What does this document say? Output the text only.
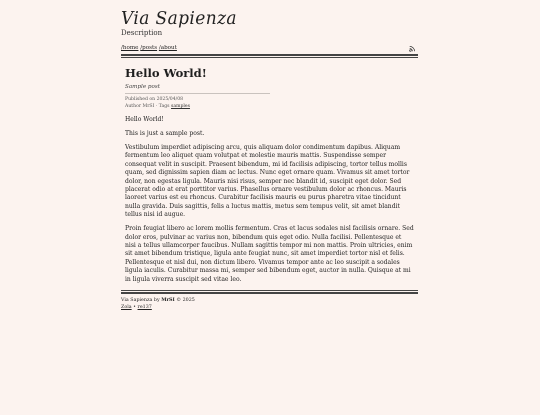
Via Sapienza
Description
/home /posts /about
Hello World!
Sample post
Published on 2025/04/08
Author MrSI · Tags samples

Hello World!

This is just a sample post.

Vestibulum imperdiet adipiscing arcu, quis aliquam dolor condimentum dapibus. Aliquam fermentum leo aliquet quam volutpat et molestie mauris mattis. Suspendisse semper consequat velit in suscipit. Praesent bibendum, mi id facilisis adipiscing, tortor tellus mollis quam, sed dignissim sapien diam ac lectus. Nunc eget ornare quam. Vivamus sit amet tortor dolor, non egestas ligula. Mauris nisi risus, semper nec blandit id, suscipit eget dolor. Sed placerat odio at erat porttitor varius. Phasellus ornare vestibulum dolor ac rhoncus. Mauris laoreet varius est eu rhoncus. Curabitur facilisis mauris eu purus pharetra vitae tincidunt nulla gravida. Duis sagittis, felis a luctus mattis, metus sem tempus velit, sit amet blandit tellus nisi id augue.

Proin feugiat libero ac lorem mollis fermentum. Cras et lacus sodales nisl facilisis ornare. Sed dolor eros, pulvinar ac varius non, bibendum quis eget odio. Nulla facilisi. Pellentesque et nisi a tellus ullamcorper faucibus. Nullam sagittis tempor mi non mattis. Proin ultricies, enim sit amet bibendum tristique, ligula ante feugiat nunc, sit amet imperdiet tortor nisl et felis. Pellentesque et nisl dui, non dictum libero. Vivamus tempor ante ac leo suscipit a sodales ligula iaculis. Curabitur massa mi, semper sed bibendum eget, auctor in nulla. Quisque at mi in ligula viverra suscipit sed vitae leo.

Via Sapienza by MrSI © 2025
Zola • re137
